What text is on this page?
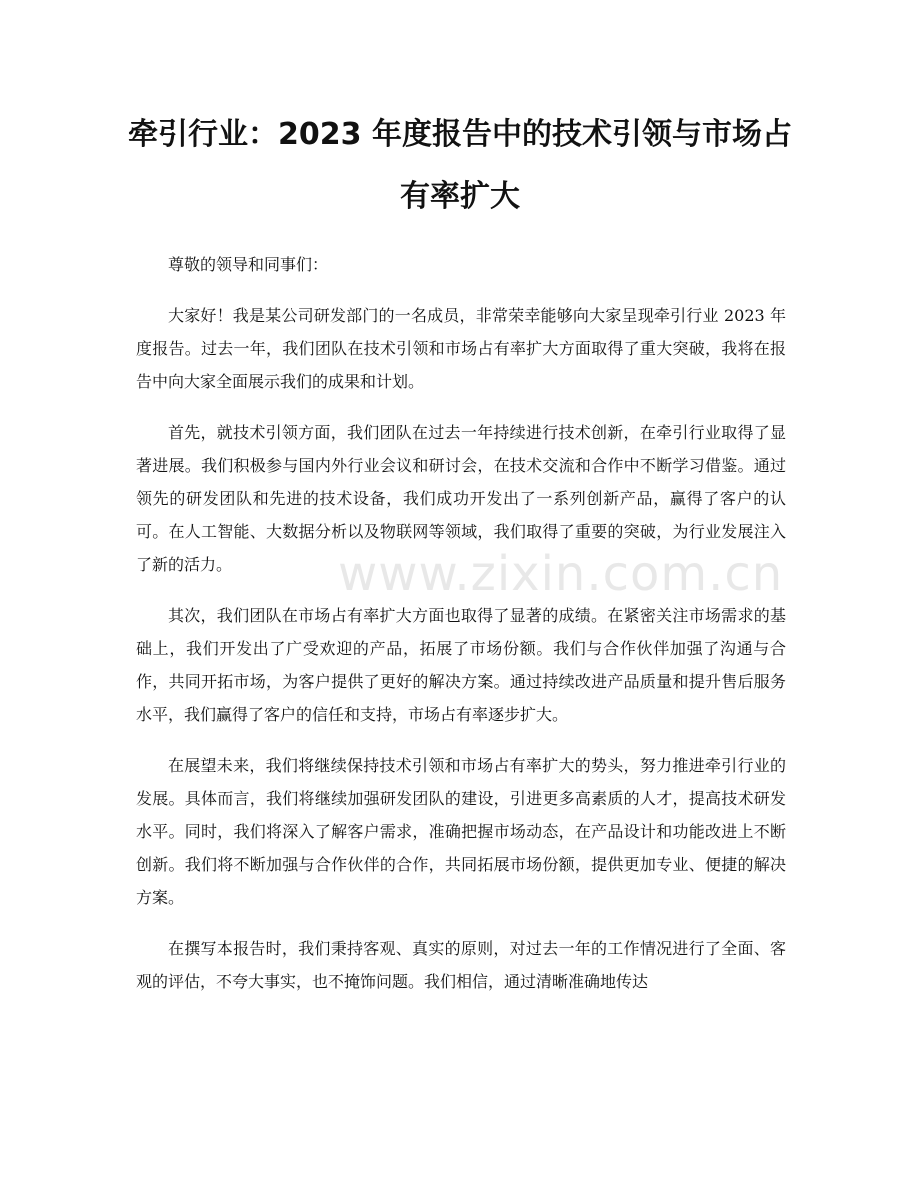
牵引行业：2023 年度报告中的技术引领与市场占有率扩大

尊敬的领导和同事们：

大家好！我是某公司研发部门的一名成员，非常荣幸能够向大家呈现牵引行业 2023 年度报告。过去一年，我们团队在技术引领和市场占有率扩大方面取得了重大突破，我将在报告中向大家全面展示我们的成果和计划。

首先，就技术引领方面，我们团队在过去一年持续进行技术创新，在牵引行业取得了显著进展。我们积极参与国内外行业会议和研讨会，在技术交流和合作中不断学习借鉴。通过领先的研发团队和先进的技术设备，我们成功开发出了一系列创新产品，赢得了客户的认可。在人工智能、大数据分析以及物联网等领域，我们取得了重要的突破，为行业发展注入了新的活力。

其次，我们团队在市场占有率扩大方面也取得了显著的成绩。在紧密关注市场需求的基础上，我们开发出了广受欢迎的产品，拓展了市场份额。我们与合作伙伴加强了沟通与合作，共同开拓市场，为客户提供了更好的解决方案。通过持续改进产品质量和提升售后服务水平，我们赢得了客户的信任和支持，市场占有率逐步扩大。

在展望未来，我们将继续保持技术引领和市场占有率扩大的势头，努力推进牵引行业的发展。具体而言，我们将继续加强研发团队的建设，引进更多高素质的人才，提高技术研发水平。同时，我们将深入了解客户需求，准确把握市场动态，在产品设计和功能改进上不断创新。我们将不断加强与合作伙伴的合作，共同拓展市场份额，提供更加专业、便捷的解决方案。

在撰写本报告时，我们秉持客观、真实的原则，对过去一年的工作情况进行了全面、客观的评估，不夸大事实，也不掩饰问题。我们相信，通过清晰准确地传达

www.zixin.com.cn
